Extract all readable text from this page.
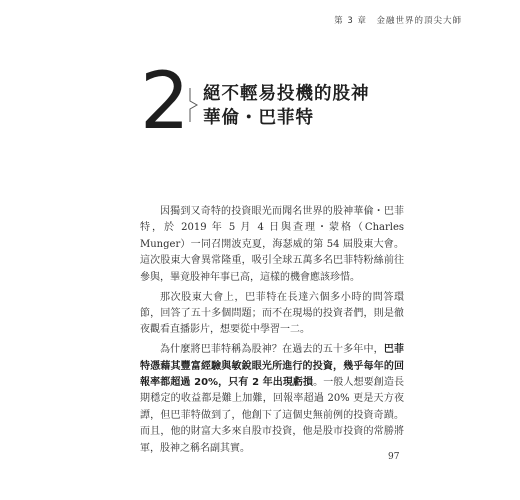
第 3 章　金融世界的頂尖大師
2 絕不輕易投機的股神
華倫・巴菲特

因獨到又奇特的投資眼光而聞名世界的股神華倫・巴菲特，於 2019 年 5 月 4 日與查理・蒙格（Charles Munger）一同召開波克夏，海瑟威的第 54 屆股東大會。這次股東大會異常隆重，吸引全球五萬多名巴菲特粉絲前往參與，畢竟股神年事已高，這樣的機會應該珍惜。

那次股東大會上，巴菲特在長達六個多小時的問答環節，回答了五十多個問題；而不在現場的投資者們，則是徹夜觀看直播影片，想要從中學習一二。

為什麼將巴菲特稱為股神？在過去的五十多年中，巴菲特憑藉其豐富經驗與敏銳眼光所進行的投資，幾乎每年的回報率都超過 20%，只有 2 年出現虧損。一般人想要創造長期穩定的收益都是難上加難，回報率超過 20% 更是天方夜譚，但巴菲特做到了，他創下了這個史無前例的投資奇蹟。而且，他的財富大多來自股市投資，他是股市投資的常勝將軍，股神之稱名副其實。

97
